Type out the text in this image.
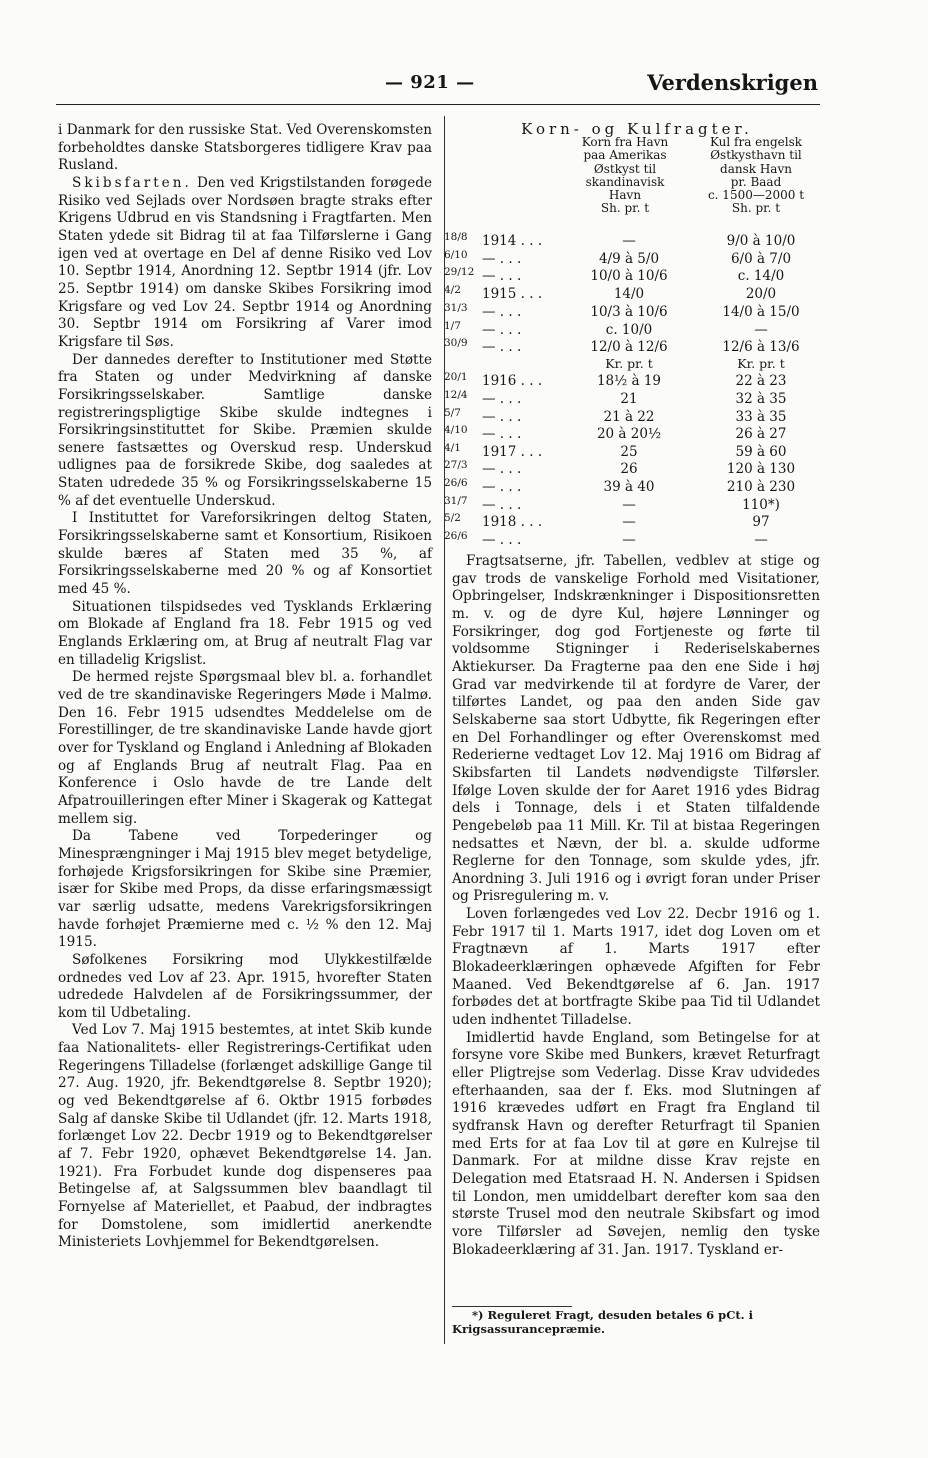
— 921 —	Verdenskrigen

i Danmark for den russiske Stat. Ved Overenskomsten forbeholdtes danske Statsborgeres tidligere Krav paa Rusland.

Skibsfarten. Den ved Krigstilstanden forøgede Risiko ved Sejlads over Nordsøen bragte straks efter Krigens Udbrud en vis Standsning i Fragtfarten. Men Staten ydede sit Bidrag til at faa Tilførslerne i Gang igen ved at overtage en Del af denne Risiko ved Lov 10. Septbr 1914, Anordning 12. Septbr 1914 (jfr. Lov 25. Septbr 1914) om danske Skibes Forsikring imod Krigsfare og ved Lov 24. Septbr 1914 og Anordning 30. Septbr 1914 om Forsikring af Varer imod Krigsfare til Søs.

Der dannedes derefter to Institutioner med Støtte fra Staten og under Medvirkning af danske Forsikringsselskaber. Samtlige danske registreringspligtige Skibe skulde indtegnes i Forsikringsinstituttet for Skibe. Præmien skulde senere fastsættes og Overskud resp. Underskud udlignes paa de forsikrede Skibe, dog saaledes at Staten udredede 35 % og Forsikringsselskaberne 15 % af det eventuelle Underskud.

I Instituttet for Vareforsikringen deltog Staten, Forsikringsselskaberne samt et Konsortium, Risikoen skulde bæres af Staten med 35 %, af Forsikringsselskaberne med 20 % og af Konsortiet med 45 %.

Situationen tilspidsedes ved Tysklands Erklæring om Blokade af England fra 18. Febr 1915 og ved Englands Erklæring om, at Brug af neutralt Flag var en tilladelig Krigslist.

De hermed rejste Spørgsmaal blev bl. a. forhandlet ved de tre skandinaviske Regeringers Møde i Malmø. Den 16. Febr 1915 udsendtes Meddelelse om de Forestillinger, de tre skandinaviske Lande havde gjort over for Tyskland og England i Anledning af Blokaden og af Englands Brug af neutralt Flag. Paa en Konference i Oslo havde de tre Lande delt Afpatrouilleringen efter Miner i Skagerak og Kattegat mellem sig.

Da Tabene ved Torpederinger og Minesprængninger i Maj 1915 blev meget betydelige, forhøjede Krigsforsikringen for Skibe sine Præmier, især for Skibe med Props, da disse erfaringsmæssigt var særlig udsatte, medens Varekrigsforsikringen havde forhøjet Præmierne med c. ½ % den 12. Maj 1915.

Søfolkenes Forsikring mod Ulykkestilfælde ordnedes ved Lov af 23. Apr. 1915, hvorefter Staten udredede Halvdelen af de Forsikringssummer, der kom til Udbetaling.

Ved Lov 7. Maj 1915 bestemtes, at intet Skib kunde faa Nationalitets- eller Registrerings-Certifikat uden Regeringens Tilladelse (forlænget adskillige Gange til 27. Aug. 1920, jfr. Bekendtgørelse 8. Septbr 1920); og ved Bekendtgørelse af 6. Oktbr 1915 forbødes Salg af danske Skibe til Udlandet (jfr. 12. Marts 1918, forlænget Lov 22. Decbr 1919 og to Bekendtgørelser af 7. Febr 1920, ophævet Bekendtgørelse 14. Jan. 1921). Fra Forbudet kunde dog dispenseres paa Betingelse af, at Salgssummen blev baandlagt til Fornyelse af Materiellet, et Paabud, der indbragtes for Domstolene, som imidlertid anerkendte Ministeriets Lovhjemmel for Bekendtgørelsen.

Korn- og Kulfragter.
Korn fra Havn
paa Amerikas
Østkyst til
skandinavisk
Havn
Sh. pr. t
Kul fra engelsk
Østkysthavn til
dansk Havn
pr. Baad
c. 1500—2000 t
Sh. pr. t
18/8 1914 . . .	—	9/0 à 10/0
6/10 — . . .	4/9 à 5/0	6/0 à 7/0
29/12 — . . .	10/0 à 10/6	c. 14/0
4/2 1915 . . .	14/0	20/0
31/3 — . . .	10/3 à 10/6	14/0 à 15/0
1/7 — . . .	c. 10/0	—
30/9 — . . .	12/0 à 12/6	12/6 à 13/6
Kr. pr. t	Kr. pr. t
20/1 1916 . . .	18½ à 19	22 à 23
12/4 — . . .	21	32 à 35
5/7 — . . .	21 à 22	33 à 35
4/10 — . . .	20 à 20½	26 à 27
4/1 1917 . . .	25	59 à 60
27/3 — . . .	26	120 à 130
26/6 — . . .	39 à 40	210 à 230
31/7 — . . .	—	110*)
5/2 1918 . . .	—	97
26/6 — . . .	—	—

Fragtsatserne, jfr. Tabellen, vedblev at stige og gav trods de vanskelige Forhold med Visitationer, Opbringelser, Indskrænkninger i Dispositionsretten m. v. og de dyre Kul, højere Lønninger og Forsikringer, dog god Fortjeneste og førte til voldsomme Stigninger i Rederiselskabernes Aktiekurser. Da Fragterne paa den ene Side i høj Grad var medvirkende til at fordyre de Varer, der tilførtes Landet, og paa den anden Side gav Selskaberne saa stort Udbytte, fik Regeringen efter en Del Forhandlinger og efter Overenskomst med Rederierne vedtaget Lov 12. Maj 1916 om Bidrag af Skibsfarten til Landets nødvendigste Tilførsler. Ifølge Loven skulde der for Aaret 1916 ydes Bidrag dels i Tonnage, dels i et Staten tilfaldende Pengebeløb paa 11 Mill. Kr. Til at bistaa Regeringen nedsattes et Nævn, der bl. a. skulde udforme Reglerne for den Tonnage, som skulde ydes, jfr. Anordning 3. Juli 1916 og i øvrigt foran under Priser og Prisregulering m. v.

Loven forlængedes ved Lov 22. Decbr 1916 og 1. Febr 1917 til 1. Marts 1917, idet dog Loven om et Fragtnævn af 1. Marts 1917 efter Blokadeerklæringen ophævede Afgiften for Febr Maaned. Ved Bekendtgørelse af 6. Jan. 1917 forbødes det at bortfragte Skibe paa Tid til Udlandet uden indhentet Tilladelse.

Imidlertid havde England, som Betingelse for at forsyne vore Skibe med Bunkers, krævet Returfragt eller Pligtrejse som Vederlag. Disse Krav udvidedes efterhaanden, saa der f. Eks. mod Slutningen af 1916 krævedes udført en Fragt fra England til sydfransk Havn og derefter Returfragt til Spanien med Erts for at faa Lov til at gøre en Kulrejse til Danmark. For at mildne disse Krav rejste en Delegation med Etatsraad H. N. Andersen i Spidsen til London, men umiddelbart derefter kom saa den største Trusel mod den neutrale Skibsfart og imod vore Tilførsler ad Søvejen, nemlig den tyske Blokadeerklæring af 31. Jan. 1917. Tyskland er-

*) Reguleret Fragt, desuden betales 6 pCt. i Krigsassurancepræmie.
